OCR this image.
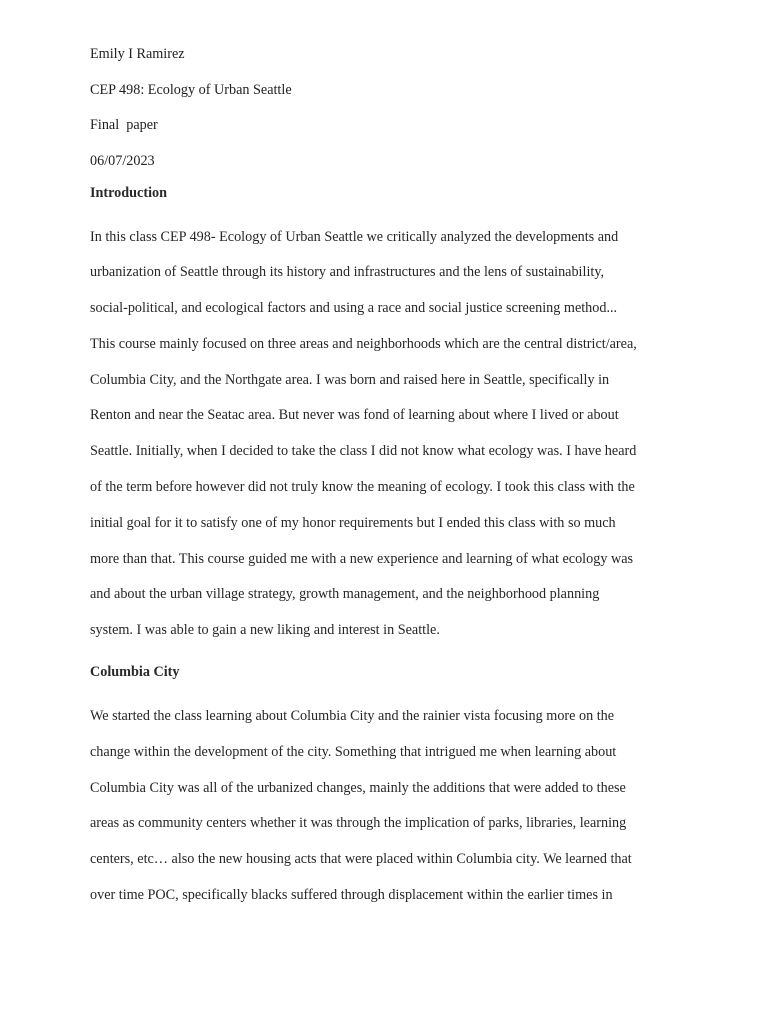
Emily I Ramirez
CEP 498: Ecology of Urban Seattle
Final  paper
06/07/2023
Introduction
In this class CEP 498- Ecology of Urban Seattle we critically analyzed the developments and
urbanization of Seattle through its history and infrastructures and the lens of sustainability,
social-political, and ecological factors and using a race and social justice screening method...
This course mainly focused on three areas and neighborhoods which are the central district/area,
Columbia City, and the Northgate area. I was born and raised here in Seattle, specifically in
Renton and near the Seatac area. But never was fond of learning about where I lived or about
Seattle. Initially, when I decided to take the class I did not know what ecology was. I have heard
of the term before however did not truly know the meaning of ecology. I took this class with the
initial goal for it to satisfy one of my honor requirements but I ended this class with so much
more than that. This course guided me with a new experience and learning of what ecology was
and about the urban village strategy, growth management, and the neighborhood planning
system. I was able to gain a new liking and interest in Seattle.
Columbia City
We started the class learning about Columbia City and the rainier vista focusing more on the
change within the development of the city. Something that intrigued me when learning about
Columbia City was all of the urbanized changes, mainly the additions that were added to these
areas as community centers whether it was through the implication of parks, libraries, learning
centers, etc… also the new housing acts that were placed within Columbia city. We learned that
over time POC, specifically blacks suffered through displacement within the earlier times in
